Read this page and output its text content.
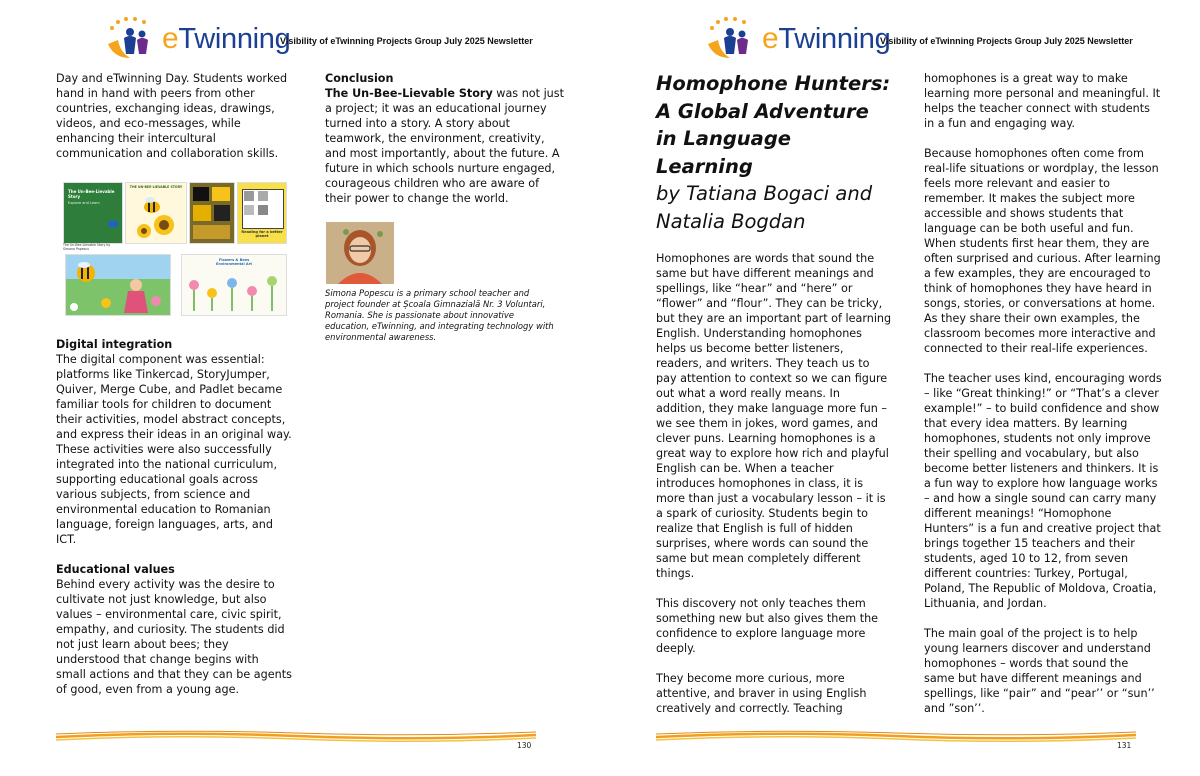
eTwinning
Visibility of eTwinning Projects Group July 2025 Newsletter

Day and eTwinning Day. Students worked hand in hand with peers from other countries, exchanging ideas, drawings, videos, and eco-messages, while enhancing their intercultural communication and collaboration skills.

The Un-Bee-Lievable Story
Explore and Learn
The Un-Bee-Lievable Story by Simona Popescu
THE UN-BEE-LIEVABLE STORY
Reading for a better planet
Flowers & Bees Environmental Art

Digital integration

The digital component was essential: platforms like Tinkercad, StoryJumper, Quiver, Merge Cube, and Padlet became familiar tools for children to document their activities, model abstract concepts, and express their ideas in an original way. These activities were also successfully integrated into the national curriculum, supporting educational goals across various subjects, from science and environmental education to Romanian language, foreign languages, arts, and ICT.

Educational values

Behind every activity was the desire to cultivate not just knowledge, but also values – environmental care, civic spirit, empathy, and curiosity. The students did not just learn about bees; they understood that change begins with small actions and that they can be agents of good, even from a young age.

Conclusion

The Un-Bee-Lievable Story was not just a project; it was an educational journey turned into a story. A story about teamwork, the environment, creativity, and most importantly, about the future. A future in which schools nurture engaged, courageous children who are aware of their power to change the world.

Simona Popescu is a primary school teacher and project founder at Școala Gimnazială Nr. 3 Voluntari, Romania. She is passionate about innovative education, eTwinning, and integrating technology with environmental awareness.

130
eTwinning
Visibility of eTwinning Projects Group July 2025 Newsletter

Homophone Hunters: A Global Adventure in Language Learning

by Tatiana Bogaci and Natalia Bogdan

Homophones are words that sound the same but have different meanings and spellings, like “hear” and “here” or “flower” and “flour”. They can be tricky, but they are an important part of learning English. Understanding homophones helps us become better listeners, readers, and writers. They teach us to pay attention to context so we can figure out what a word really means. In addition, they make language more fun – we see them in jokes, word games, and clever puns. Learning homophones is a great way to explore how rich and playful English can be. When a teacher introduces homophones in class, it is more than just a vocabulary lesson – it is a spark of curiosity. Students begin to realize that English is full of hidden surprises, where words can sound the same but mean completely different things.

This discovery not only teaches them something new but also gives them the confidence to explore language more deeply.

They become more curious, more attentive, and braver in using English creatively and correctly. Teaching

homophones is a great way to make learning more personal and meaningful. It helps the teacher connect with students in a fun and engaging way.

Because homophones often come from real-life situations or wordplay, the lesson feels more relevant and easier to remember. It makes the subject more accessible and shows students that language can be both useful and fun. When students first hear them, they are often surprised and curious. After learning a few examples, they are encouraged to think of homophones they have heard in songs, stories, or conversations at home. As they share their own examples, the classroom becomes more interactive and connected to their real-life experiences.

The teacher uses kind, encouraging words – like “Great thinking!” or “That’s a clever example!” – to build confidence and show that every idea matters. By learning homophones, students not only improve their spelling and vocabulary, but also become better listeners and thinkers. It is a fun way to explore how language works – and how a single sound can carry many different meanings! “Homophone Hunters” is a fun and creative project that brings together 15 teachers and their students, aged 10 to 12, from seven different countries: Turkey, Portugal, Poland, The Republic of Moldova, Croatia, Lithuania, and Jordan.

The main goal of the project is to help young learners discover and understand homophones – words that sound the same but have different meanings and spellings, like “pair” and “pear’’ or “sun’’ and ”son’’.

131
